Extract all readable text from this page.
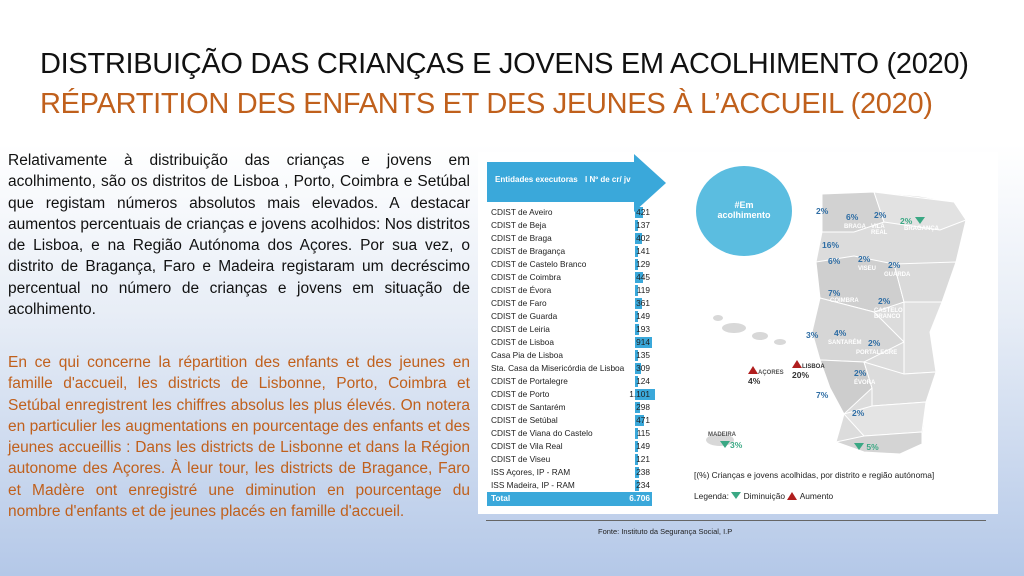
DISTRIBUIÇÃO DAS CRIANÇAS E JOVENS EM ACOLHIMENTO (2020)
RÉPARTITION DES ENFANTS ET DES JEUNES À L’ACCUEIL (2020)

Relativamente à distribuição das crianças e jovens em acolhimento, são os distritos de Lisboa , Porto, Coimbra e Setúbal que registam números absolutos mais elevados. A destacar aumentos percentuais de crianças e jovens acolhidos: Nos distritos de Lisboa, e na Região Autónoma dos Açores. Por sua vez, o distrito de Bragança, Faro e Madeira registaram um decréscimo percentual no número de crianças e jovens em situação de acolhimento.

En ce qui concerne la répartition des enfants et des jeunes en famille d'accueil, les districts de Lisbonne, Porto, Coimbra et Setúbal enregistrent les chiffres absolus les plus élevés. On notera en particulier les augmentations en pourcentage des enfants et des jeunes accueillis : Dans les districts de Lisbonne et dans la Région autonome des Açores. À leur tour, les districts de Bragance, Faro et Madère ont enregistré une diminution en pourcentage du nombre d'enfants et de jeunes placés en famille d'accueil.

Entidades executoras l Nº de cr/ jv
CDIST de Aveiro	421
CDIST de Beja	137
CDIST de Braga	402
CDIST de Bragança	141
CDIST de Castelo Branco	129
CDIST de Coimbra	445
CDIST de Évora	119
CDIST de Faro	361
CDIST de Guarda	149
CDIST de Leiria	193
CDIST de Lisboa	914
Casa Pia de Lisboa	135
Sta. Casa da Misericórdia de Lisboa 309
CDIST de Portalegre	124
CDIST de Porto	1.101
CDIST de Santarém	298
CDIST de Setúbal	471
CDIST de Viana do Castelo	115
CDIST de Vila Real	149
CDIST de Viseu	121
ISS Açores, IP - RAM	238
ISS Madeira, IP - RAM	234
Total	6.706
#Em
acolhimento	2%
6%
BRAGA
2%
VILA REAL
2%
BRAGANÇA
16%
6% 2%
VISEU 2%
GUARDA
7%
COIMBRA 2%
CASTELO BRANCO
3% 4%
SANTARÉM 2%
PORTALEGRE
LISBOA
20%	2%
ÉVORA
AÇORES
4%
7%
2%
5%
FARO
MADEIRA
3%
[(%) Crianças e jovens acolhidas, por distrito e região autónoma]
Legenda: Diminuição Aumento
Fonte: Instituto da Segurança Social, I.P
